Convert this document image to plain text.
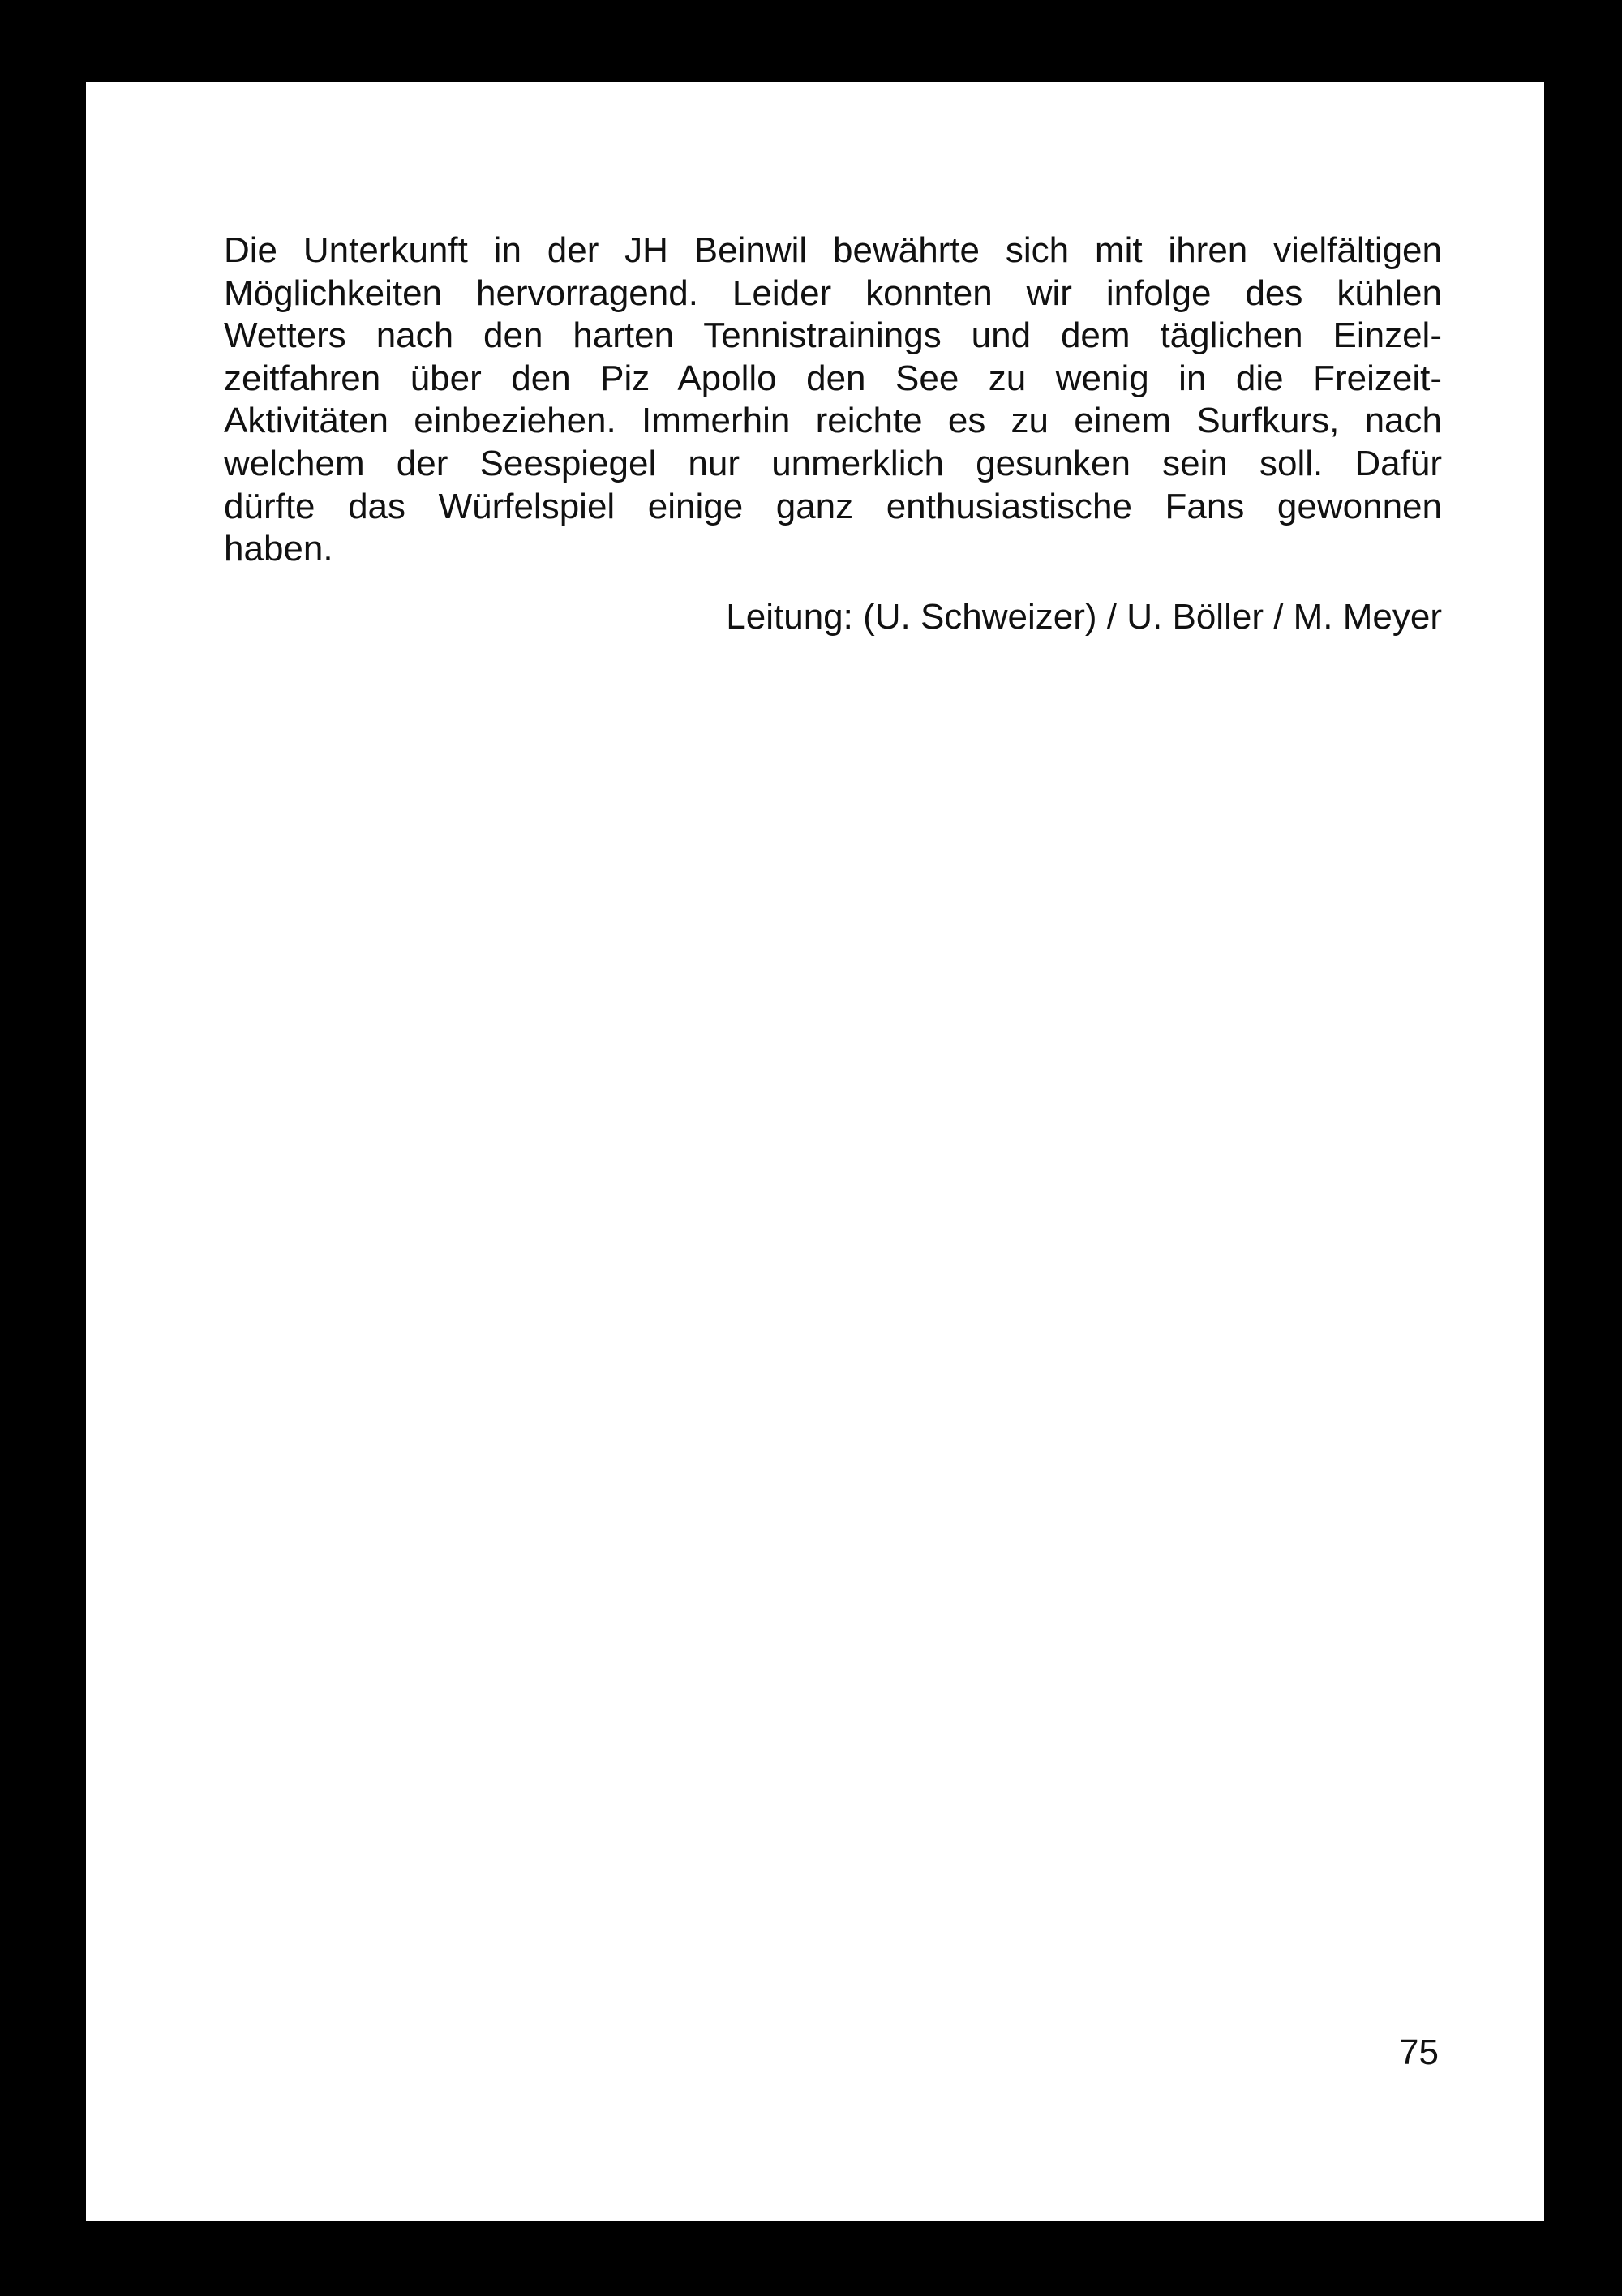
Die Unterkunft in der JH Beinwil bewährte sich mit ihren vielfältigen
Möglichkeiten hervorragend. Leider konnten wir infolge des kühlen
Wetters nach den harten Tennistrainings und dem täglichen Einzel-
zeitfahren über den Piz Apollo den See zu wenig in die Freizeit-
Aktivitäten einbeziehen. Immerhin reichte es zu einem Surfkurs, nach
welchem der Seespiegel nur unmerklich gesunken sein soll. Dafür
dürfte das Würfelspiel einige ganz enthusiastische Fans gewonnen
haben.

Leitung: (U. Schweizer) / U. Böller / M. Meyer
75
